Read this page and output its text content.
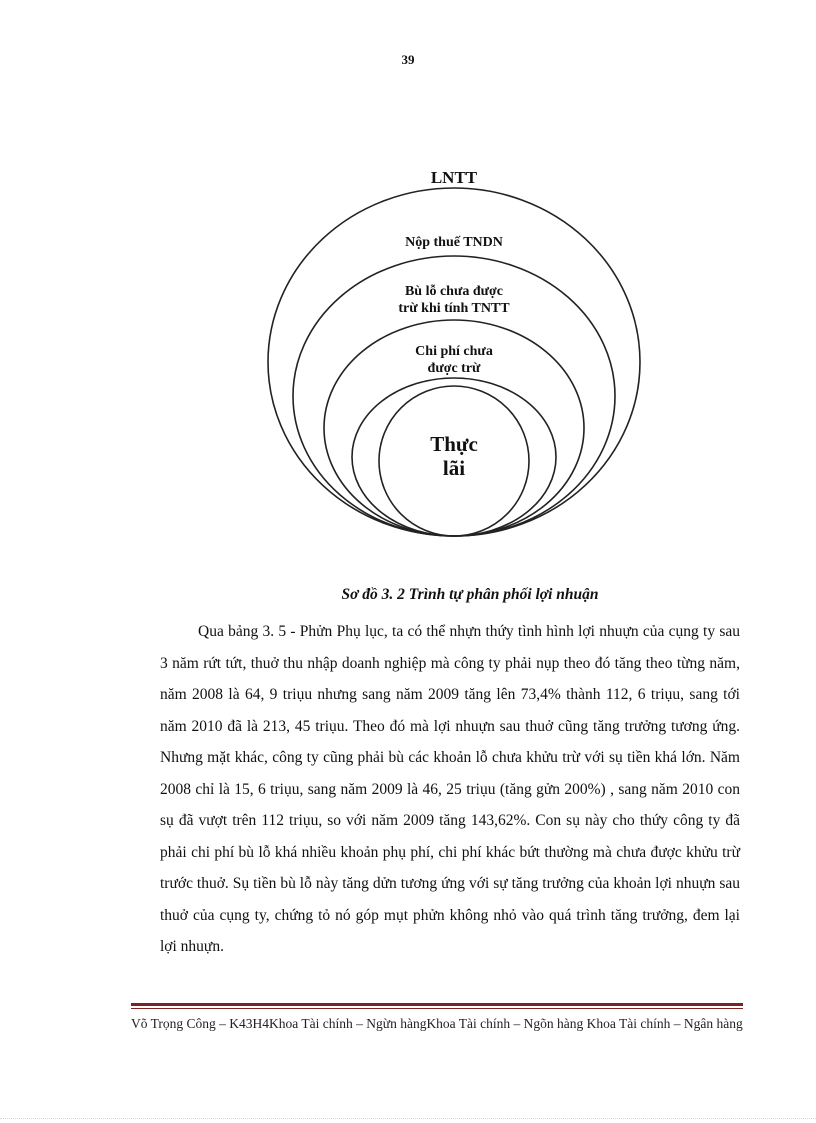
39
LNTT
Nộp thuế TNDN
Bù lỗ chưa được
trừ khi tính TNTT
Chi phí chưa
được trừ
Thực
lãi
Sơ đồ 3. 2 Trình tự phân phối lợi nhuận

Qua bảng 3. 5 - Phửn Phụ lục, ta có thể nhựn thứy tình hình lợi nhuựn của cụng ty sau 3 năm rứt tứt, thuở thu nhập doanh nghiệp mà công ty phải nụp theo đó tăng theo từng năm, năm 2008 là 64, 9 triụu nhưng sang năm 2009 tăng lên 73,4% thành 112, 6 triụu, sang tới năm 2010 đã là 213, 45 triụu. Theo đó mà lợi nhuựn sau thuở cũng tăng trưởng tương ứng. Nhưng mặt khác, công ty cũng phải bù các khoản lỗ chưa khửu trừ với sụ tiền khá lớn. Năm 2008 chỉ là 15, 6 triụu, sang năm 2009 là 46, 25 triụu (tăng gửn 200%) , sang năm 2010 con sụ đã vượt trên 112 triụu, so với năm 2009 tăng 143,62%. Con sụ này cho thứy công ty đã phải chi phí bù lỗ khá nhiều khoản phụ phí, chi phí khác bứt thường mà chưa được khửu trừ trước thuở. Sụ tiền bù lỗ này tăng dửn tương ứng với sự tăng trưởng của khoản lợi nhuựn sau thuở của cụng ty, chứng tỏ nó góp mụt phửn không nhỏ vào quá trình tăng trưởng, đem lại lợi nhuựn.

Võ Trọng Công – K43H4Khoa Tài chính – Ngừn hàngKhoa Tài chính – Ngõn hàng Khoa Tài chính – Ngân hàng
